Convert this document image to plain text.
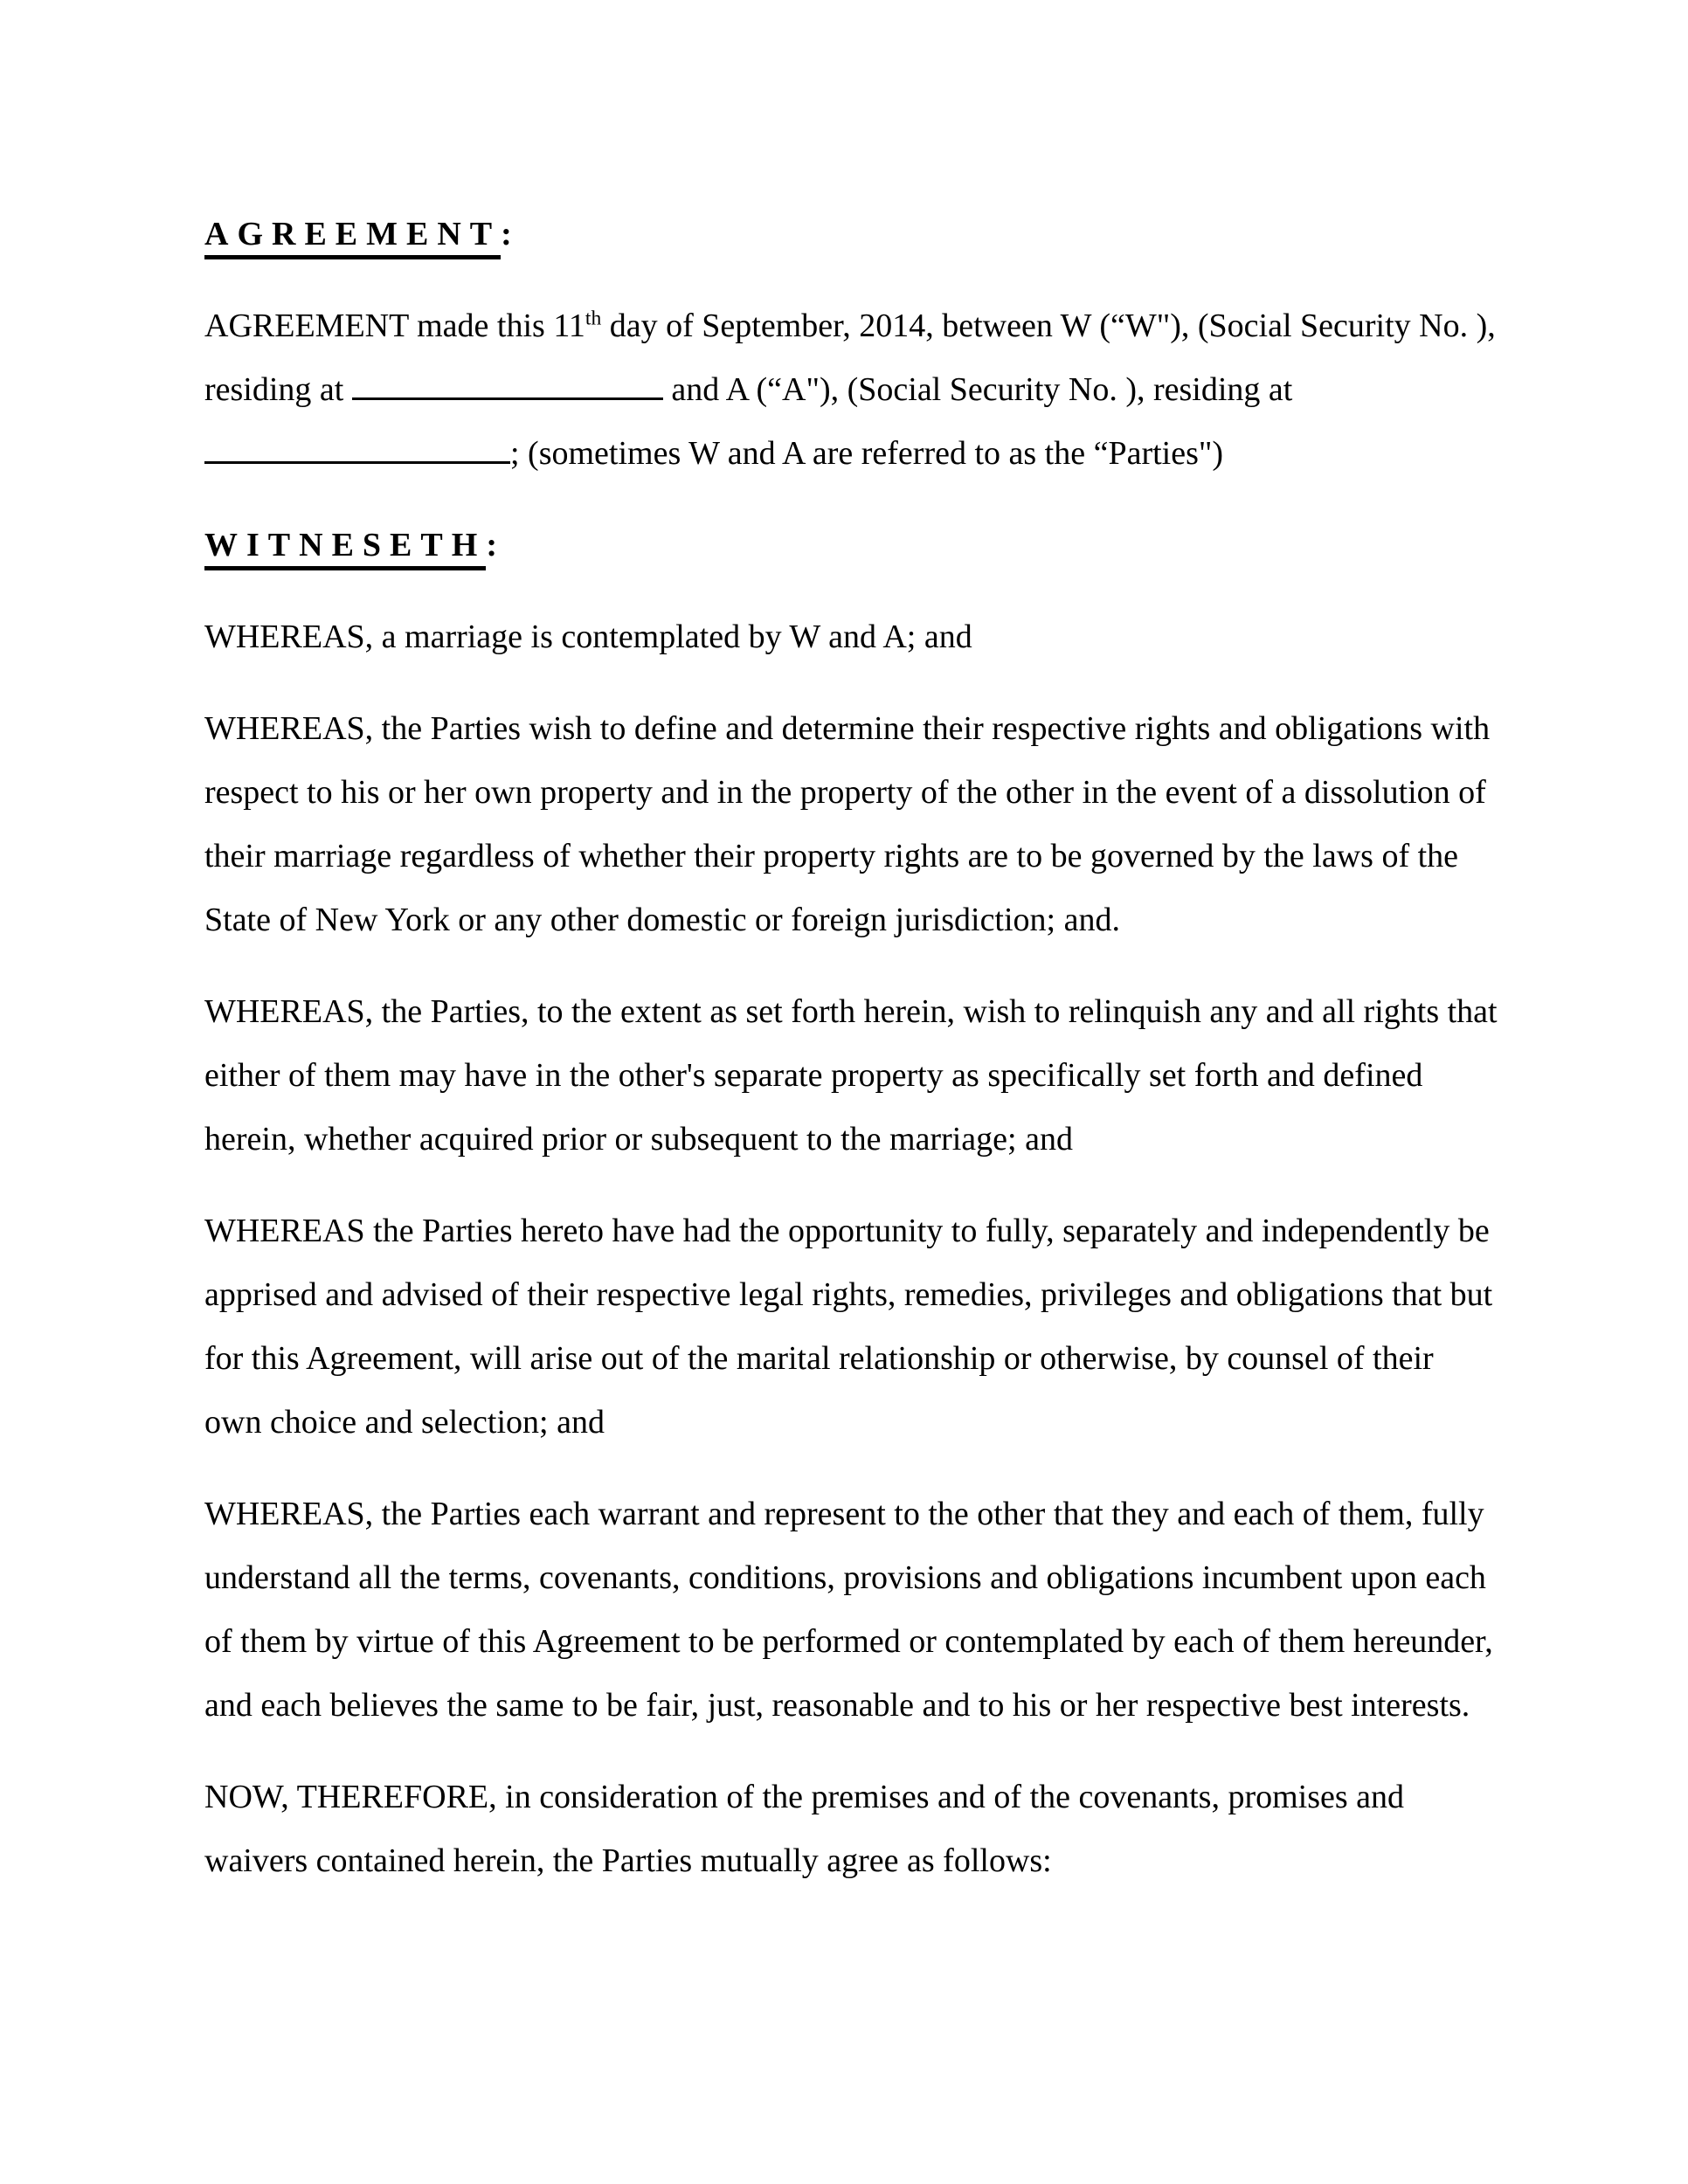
AGREEMENT:
AGREEMENT made this 11th day of September, 2014, between W (“W"), (Social Security No. ),
residing at	and A (“A"), (Social Security No. ), residing at
; (sometimes W and A are referred to as the “Parties")
WITNESETH:
WHEREAS, a marriage is contemplated by W and A; and
WHEREAS, the Parties wish to define and determine their respective rights and obligations with
respect to his or her own property and in the property of the other in the event of a dissolution of
their marriage regardless of whether their property rights are to be governed by the laws of the
State of New York or any other domestic or foreign jurisdiction; and.
WHEREAS, the Parties, to the extent as set forth herein, wish to relinquish any and all rights that
either of them may have in the other's separate property as specifically set forth and defined
herein, whether acquired prior or subsequent to the marriage; and
WHEREAS the Parties hereto have had the opportunity to fully, separately and independently be
apprised and advised of their respective legal rights, remedies, privileges and obligations that but
for this Agreement, will arise out of the marital relationship or otherwise, by counsel of their
own choice and selection; and
WHEREAS, the Parties each warrant and represent to the other that they and each of them, fully
understand all the terms, covenants, conditions, provisions and obligations incumbent upon each
of them by virtue of this Agreement to be performed or contemplated by each of them hereunder,
and each believes the same to be fair, just, reasonable and to his or her respective best interests.
NOW, THEREFORE, in consideration of the premises and of the covenants, promises and
waivers contained herein, the Parties mutually agree as follows:
